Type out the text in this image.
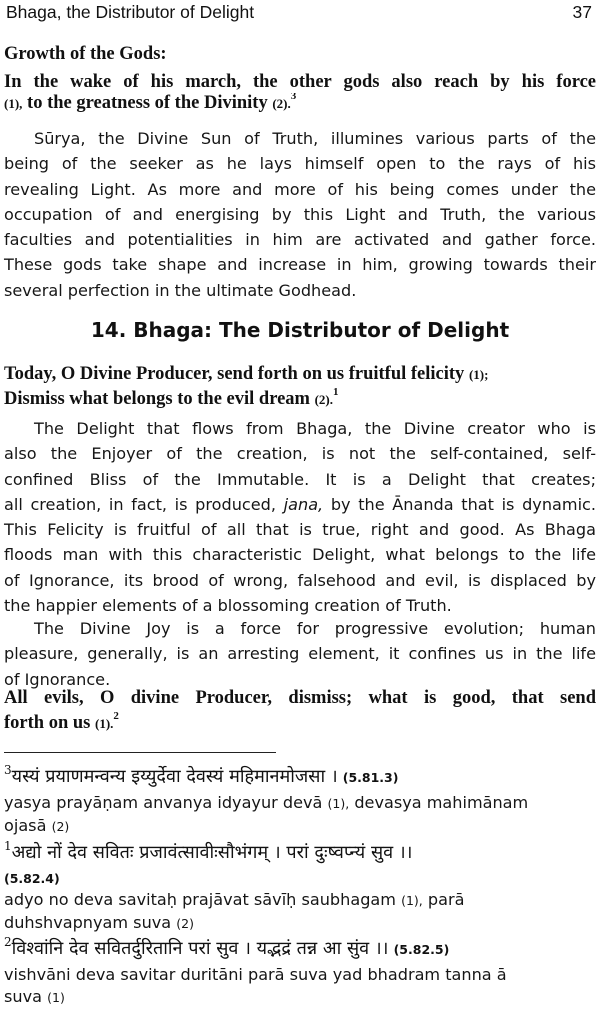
Bhaga, the Distributor of Delight	37
Growth of the Gods:
In the wake of his march, the other gods also reach by his force
(1), to the greatness of the Divinity (2).$^3$
Sūrya, the Divine Sun of Truth, illumines various parts of the
being of the seeker as he lays himself open to the rays of his
revealing Light. As more and more of his being comes under the
occupation of and energising by this Light and Truth, the various
faculties and potentialities in him are activated and gather force.
These gods take shape and increase in him, growing towards their
several perfection in the ultimate Godhead.
14. Bhaga: The Distributor of Delight
Today, O Divine Producer, send forth on us fruitful felicity (1);
Dismiss what belongs to the evil dream (2).$^1$
The Delight that flows from Bhaga, the Divine creator who is
also the Enjoyer of the creation, is not the self-contained, self-
confined Bliss of the Immutable. It is a Delight that creates;
all creation, in fact, is produced, jana, by the Ānanda that is dynamic.
This Felicity is fruitful of all that is true, right and good. As Bhaga
floods man with this characteristic Delight, what belongs to the life
of Ignorance, its brood of wrong, falsehood and evil, is displaced by
the happier elements of a blossoming creation of Truth.
The Divine Joy is a force for progressive evolution; human
pleasure, generally, is an arresting element, it confines us in the life
of Ignorance.
All evils, O divine Producer, dismiss; what is good, that send
forth on us (1).$^2$
$^3$यस्यं प्रयाणमन्वन्य इय्युर्देवा देवस्यं महिमानमोजसा । (5.81.3)
yasya prayāṇam anvanya idyayur devā (1), devasya mahimānam
ojasā (2)
$^1$अद्यो नों देव सवितः प्रजावंत्सावीःसौभंगम् । परां दुःष्वप्न्यं सुव ।।
(5.82.4)
adyo no deva savitaḥ prajāvat sāvīḥ saubhagam (1), parā
duhshvapnyam suva (2)
$^2$विश्वांनि देव सवितर्दुरितानि परां सुव । यद्भद्रं तन्न आ सुंव ।। (5.82.5)
vishvāni deva savitar duritāni parā suva yad bhadram tanna ā
suva (1)
